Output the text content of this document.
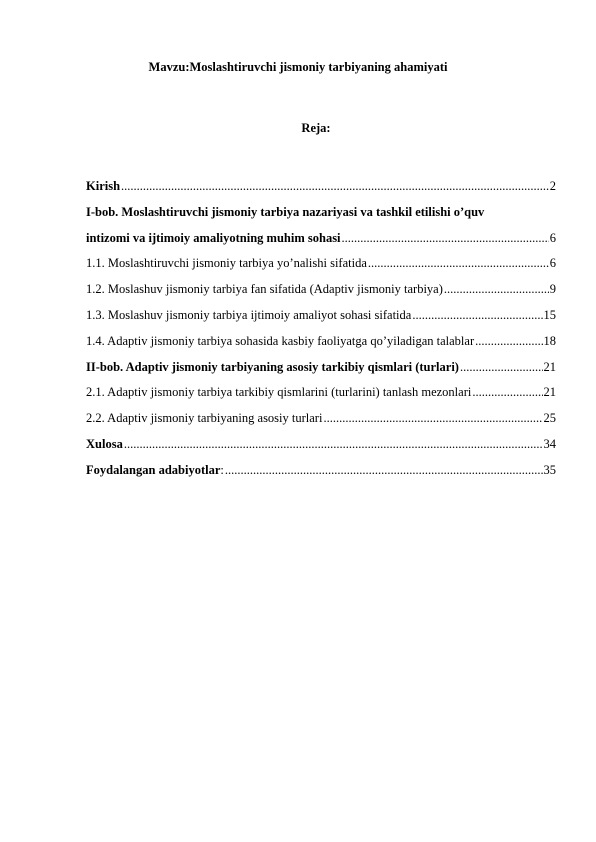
Mavzu:Moslashtiruvchi jismoniy tarbiyaning ahamiyati
Reja:
Kirish .....	2
I-bob. Moslashtiruvchi jismoniy tarbiya nazariyasi va tashkil etilishi o’quv
intizomi va ijtimoiy amaliyotning muhim sohasi .....	6
1.1. Moslashtiruvchi jismoniy tarbiya yo’nalishi sifatida .....	6
1.2. Moslashuv jismoniy tarbiya fan sifatida (Adaptiv jismoniy tarbiya) .....	9
1.3. Moslashuv jismoniy tarbiya ijtimoiy amaliyot sohasi sifatida .....	15
1.4. Adaptiv jismoniy tarbiya sohasida kasbiy faoliyatga qo’yiladigan talablar .....	18
II-bob. Adaptiv jismoniy tarbiyaning asosiy tarkibiy qismlari (turlari) .....	21
2.1. Adaptiv jismoniy tarbiya tarkibiy qismlarini (turlarini) tanlash mezonlari .....	21
2.2. Adaptiv jismoniy tarbiyaning asosiy turlari .....	25
Xulosa .....	34
Foydalangan adabiyotlar : .....	35
